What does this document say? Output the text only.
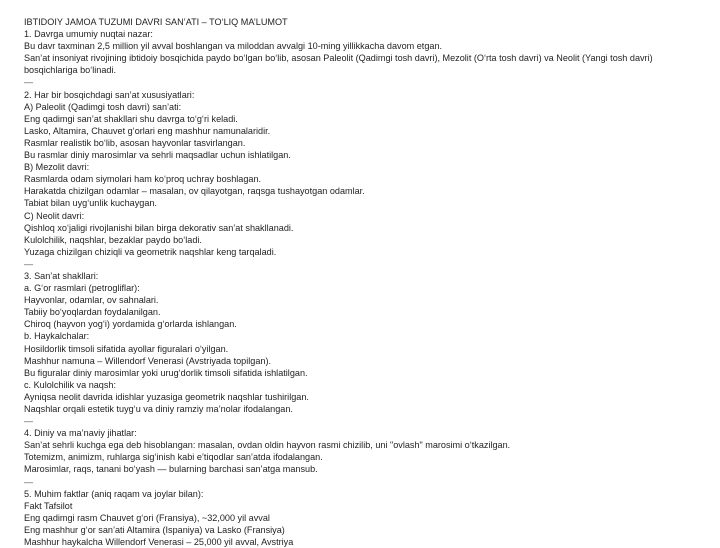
IBTIDOIY JAMOA TUZUMI DAVRI SAN’ATI – TO‘LIQ MA’LUMOT
1. Davrga umumiy nuqtai nazar:
Bu davr taxminan 2,5 million yil avval boshlangan va miloddan avvalgi 10-ming yillikkacha davom etgan.
San’at insoniyat rivojining ibtidoiy bosqichida paydo bo‘lgan bo‘lib, asosan Paleolit (Qadimgi tosh davri), Mezolit (O‘rta tosh davri) va Neolit (Yangi tosh davri) bosqichlariga bo‘linadi.
—
2. Har bir bosqichdagi san’at xususiyatlari:
A) Paleolit (Qadimgi tosh davri) san’ati:
Eng qadimgi san’at shakllari shu davrga to‘g‘ri keladi.
Lasko, Altamira, Chauvet g‘orlari eng mashhur namunalaridir.
Rasmlar realistik bo‘lib, asosan hayvonlar tasvirlangan.
Bu rasmlar diniy marosimlar va sehrli maqsadlar uchun ishlatilgan.
B) Mezolit davri:
Rasmlarda odam siymolari ham ko‘proq uchray boshlagan.
Harakatda chizilgan odamlar – masalan, ov qilayotgan, raqsga tushayotgan odamlar.
Tabiat bilan uyg‘unlik kuchaygan.
C) Neolit davri:
Qishloq xo‘jaligi rivojlanishi bilan birga dekorativ san’at shakllanadi.
Kulolchilik, naqshlar, bezaklar paydo bo‘ladi.
Yuzaga chizilgan chiziqli va geometrik naqshlar keng tarqaladi.
—
3. San’at shakllari:
a. G‘or rasmlari (petrogliflar):
Hayvonlar, odamlar, ov sahnalari.
Tabiiy bo‘yoqlardan foydalanilgan.
Chiroq (hayvon yog‘i) yordamida g‘orlarda ishlangan.
b. Haykalchalar:
Hosildorlik timsoli sifatida ayollar figuralari o‘yilgan.
Mashhur namuna – Willendorf Venerasi (Avstriyada topilgan).
Bu figuralar diniy marosimlar yoki urug‘dorlik timsoli sifatida ishlatilgan.
c. Kulolchilik va naqsh:
Ayniqsa neolit davrida idishlar yuzasiga geometrik naqshlar tushirilgan.
Naqshlar orqali estetik tuyg‘u va diniy ramziy ma’nolar ifodalangan.
—
4. Diniy va ma’naviy jihatlar:
San’at sehrli kuchga ega deb hisoblangan: masalan, ovdan oldin hayvon rasmi chizilib, uni "ovlash" marosimi o‘tkazilgan.
Totemizm, animizm, ruhlarga sig‘inish kabi e’tiqodlar san’atda ifodalangan.
Marosimlar, raqs, tanani bo‘yash — bularning barchasi san’atga mansub.
—
5. Muhim faktlar (aniq raqam va joylar bilan):
Fakt Tafsilot
Eng qadimgi rasm Chauvet g‘ori (Fransiya), ~32,000 yil avval
Eng mashhur g‘or san’ati Altamira (Ispaniya) va Lasko (Fransiya)
Mashhur haykalcha Willendorf Venerasi – 25,000 yil avval, Avstriya
